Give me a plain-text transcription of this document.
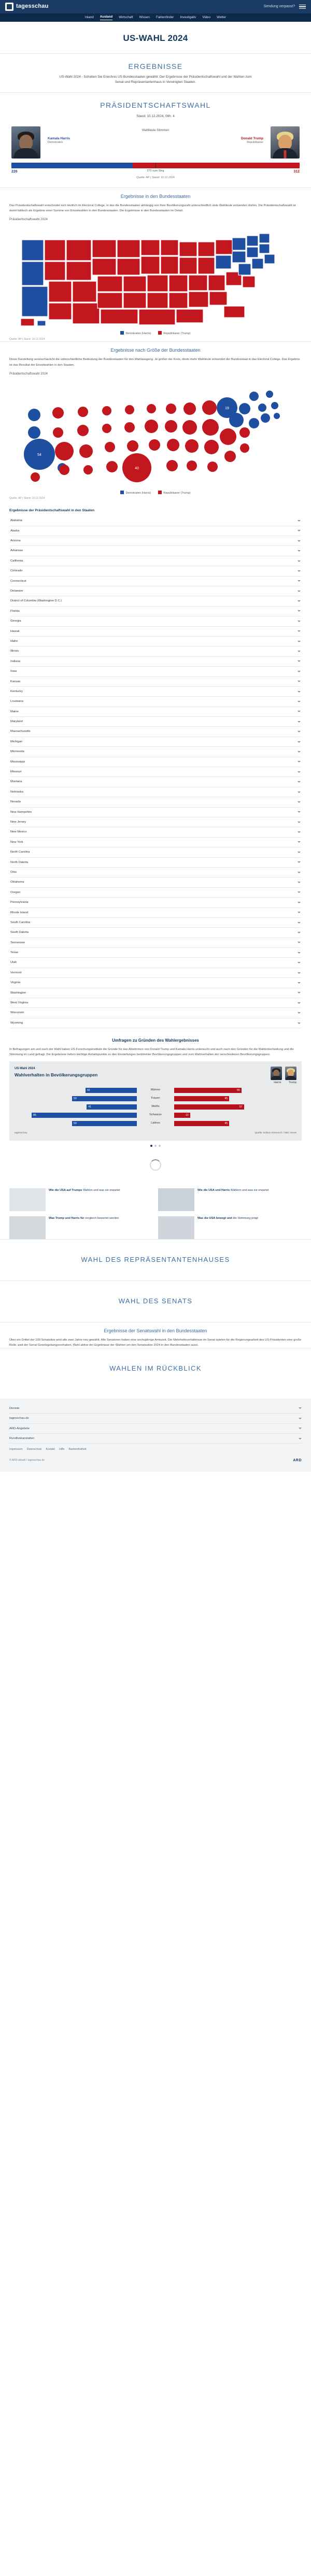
tagesschau	Sendung verpasst?
Inland Ausland Wirtschaft Wissen Faktenfinder Investigativ Video Wetter
US-WAHL 2024
ERGEBNISSE
US-Wahl 2024 - Schalten Sie Ereichnis US Bundesstaaten gewählt: Der Ergebnisse der Präsidentschaftswahl und der Wahlen zum Senat und Repräsentantenhaus in Vereinigten Staaten.
PRÄSIDENTSCHAFTSWAHL
Stand: 10.12.2024, 08h. 4
Wahlleute-Stimmen
Kamala Harris	Donald Trump
Demokraten	Republikaner
226	270 zum Sieg	312
Quelle: AP | Stand: 10.12.2024
Ergebnisse in den Bundesstaaten
Das Präsidentschaftswahl entscheidet sich letztlich im Electoral College, in das die Bundesstaaten abhängig von ihrer Bevölkerungszahl unterschiedlich viele Wahlleute entsenden dürfen. Die Präsidentschaftswahl ist damit faktisch als Ergebnis einer Summe von Einzelwahlen in den Bundesstaaten. Die Ergebnisse in den Bundesstaaten im Detail.
Präsidentschaftswahl 2024
Demokraten (Harris)	Republikaner (Trump)
Quelle: AP | Stand: 10.12.2024
Ergebnisse nach Größe der Bundesstaaten
Diese Darstellung veranschaulicht die unterschiedliche Bedeutung der Bundesstaaten für den Wahlausgang. Je größer der Kreis, desto mehr Wahlleute entsendet der Bundesstaat in das Electoral College. Das Ergebnis ist das Resultat der Einzelwahlen in den Staaten.
Präsidentschaftswahl 2024
54
40
19
Demokraten (Harris)	Republikaner (Trump)
Quelle: AP | Stand: 10.12.2024
Ergebnisse der Präsidentschaftswahl in den Staaten
Alabama
Alaska
Arizona
Arkansas
California
Colorado
Connecticut
Delaware
District of Columbia (Washington D.C.)
Florida
Georgia
Hawaii
Idaho
Illinois
Indiana
Iowa
Kansas
Kentucky
Louisiana
Maine
Maryland
Massachusetts
Michigan
Minnesota
Mississippi
Missouri
Montana
Nebraska
Nevada
New Hampshire
New Jersey
New Mexico
New York
North Carolina
North Dakota
Ohio
Oklahoma
Oregon
Pennsylvania
Rhode Island
South Carolina
South Dakota
Tennessee
Texas
Utah
Vermont
Virginia
Washington
West Virginia
Wisconsin
Wyoming
Umfragen zu Gründen des Wahlergebnisses
In Befragungen am und nach der Wahl haben US-Forschungsinstitute die Gründe für das Abstimmen von Donald Trump und Kamala Harris untersucht und auch nach den Gründen für die Wahlentscheidung und die Stimmung im Land gefragt. Die Ergebnisse liefern wichtige Anhaltspunkte zu den Einstellungen bestimmter Bevölkerungsgruppen und zum Wahlverhalten der verschiedenen Bevölkerungsgruppen.
US-Wahl 2024
Wahlverhalten in Bevölkerungsgruppen
Harris	Trump
42	Männer	55
53	Frauen	45
41	Weiße	57
86	Schwarze	13
53	Latinos	45
tagesschau	Quelle: Edison Research / NBC News
Wie die USA auf Trumps Wahlen und was sie erwartet	Wie die USA und Harris Wählern und was sie erwartet
Was Trump und Harris für vergleich bewertet werden	Was die USA bewegt und die Stimmung prägt
WAHL DES REPRÄSENTANTENHAUSES
WAHL DES SENATS
Ergebnisse der Senatswahl in den Bundesstaaten
Über ein Drittel der 100 Senatsitze wird alle zwei Jahre neu gewählt. Alle Senatoren haben eine sechsjährige Amtszeit. Die Mehrheitsverhältnisse im Senat spielen für die Regierungsarbeit des US-Präsidenten eine große Rolle, weil der Senat Gesetzgebungsvorhaben, Wahl aktive der Ergebnisse der Wahlen um den Senatssitze 2024 in den Bundesstaaten ausü.
WAHLEN IM RÜCKBLICK
Dienste
tagesschau.de
ARD-Angebote
Rundfunkanstalten
Impressum Datenschutz Kontakt Hilfe Barrierefreiheit
© ARD-aktuell / tagesschau.de	ARD
